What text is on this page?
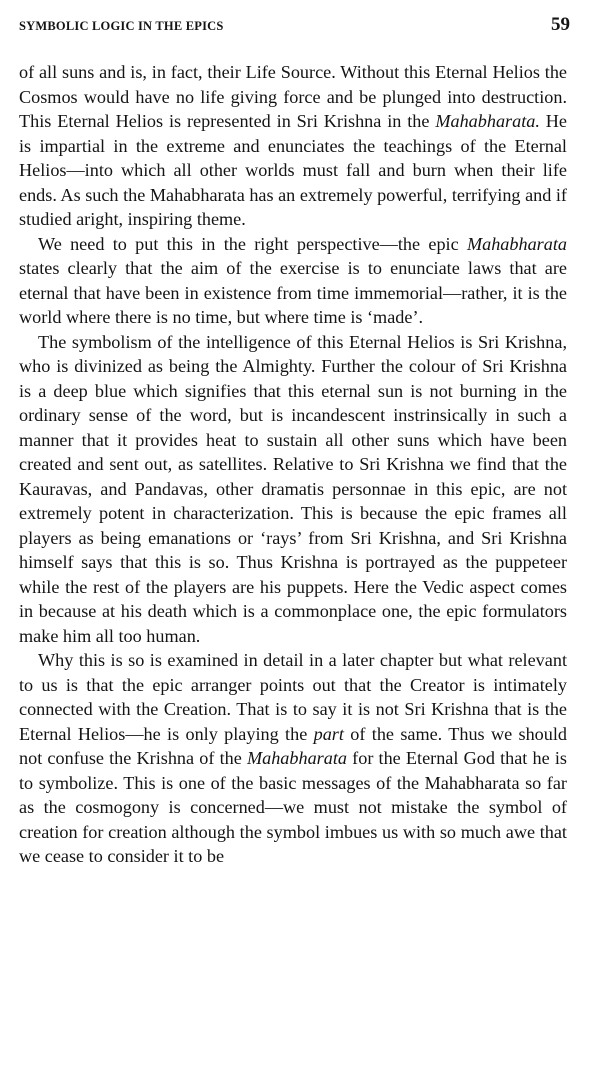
SYMBOLIC LOGIC IN THE EPICS	59

of all suns and is, in fact, their Life Source. Without this Eternal Helios the Cosmos would have no life giving force and be plunged into destruction. This Eternal Helios is represented in Sri Krishna in the Mahabharata. He is impartial in the extreme and enunciates the teachings of the Eternal Helios—into which all other worlds must fall and burn when their life ends. As such the Mahabharata has an extremely powerful, terrifying and if studied aright, inspiring theme.

We need to put this in the right perspective—the epic Mahabharata states clearly that the aim of the exercise is to enunciate laws that are eternal that have been in existence from time immemorial—rather, it is the world where there is no time, but where time is ‘made’.

The symbolism of the intelligence of this Eternal Helios is Sri Krishna, who is divinized as being the Almighty. Further the colour of Sri Krishna is a deep blue which signifies that this eternal sun is not burning in the ordinary sense of the word, but is incandescent instrinsically in such a manner that it provides heat to sustain all other suns which have been created and sent out, as satellites. Relative to Sri Krishna we find that the Kauravas, and Pandavas, other dramatis personnae in this epic, are not extremely potent in characterization. This is because the epic frames all players as being emanations or ‘rays’ from Sri Krishna, and Sri Krishna himself says that this is so. Thus Krishna is portrayed as the puppeteer while the rest of the players are his puppets. Here the Vedic aspect comes in because at his death which is a commonplace one, the epic formulators make him all too human.

Why this is so is examined in detail in a later chapter but what relevant to us is that the epic arranger points out that the Creator is intimately connected with the Creation. That is to say it is not Sri Krishna that is the Eternal Helios—he is only playing the part of the same. Thus we should not confuse the Krishna of the Mahabharata for the Eternal God that he is to symbolize. This is one of the basic messages of the Mahabharata so far as the cosmogony is concerned—we must not mistake the symbol of creation for creation although the symbol imbues us with so much awe that we cease to consider it to be
